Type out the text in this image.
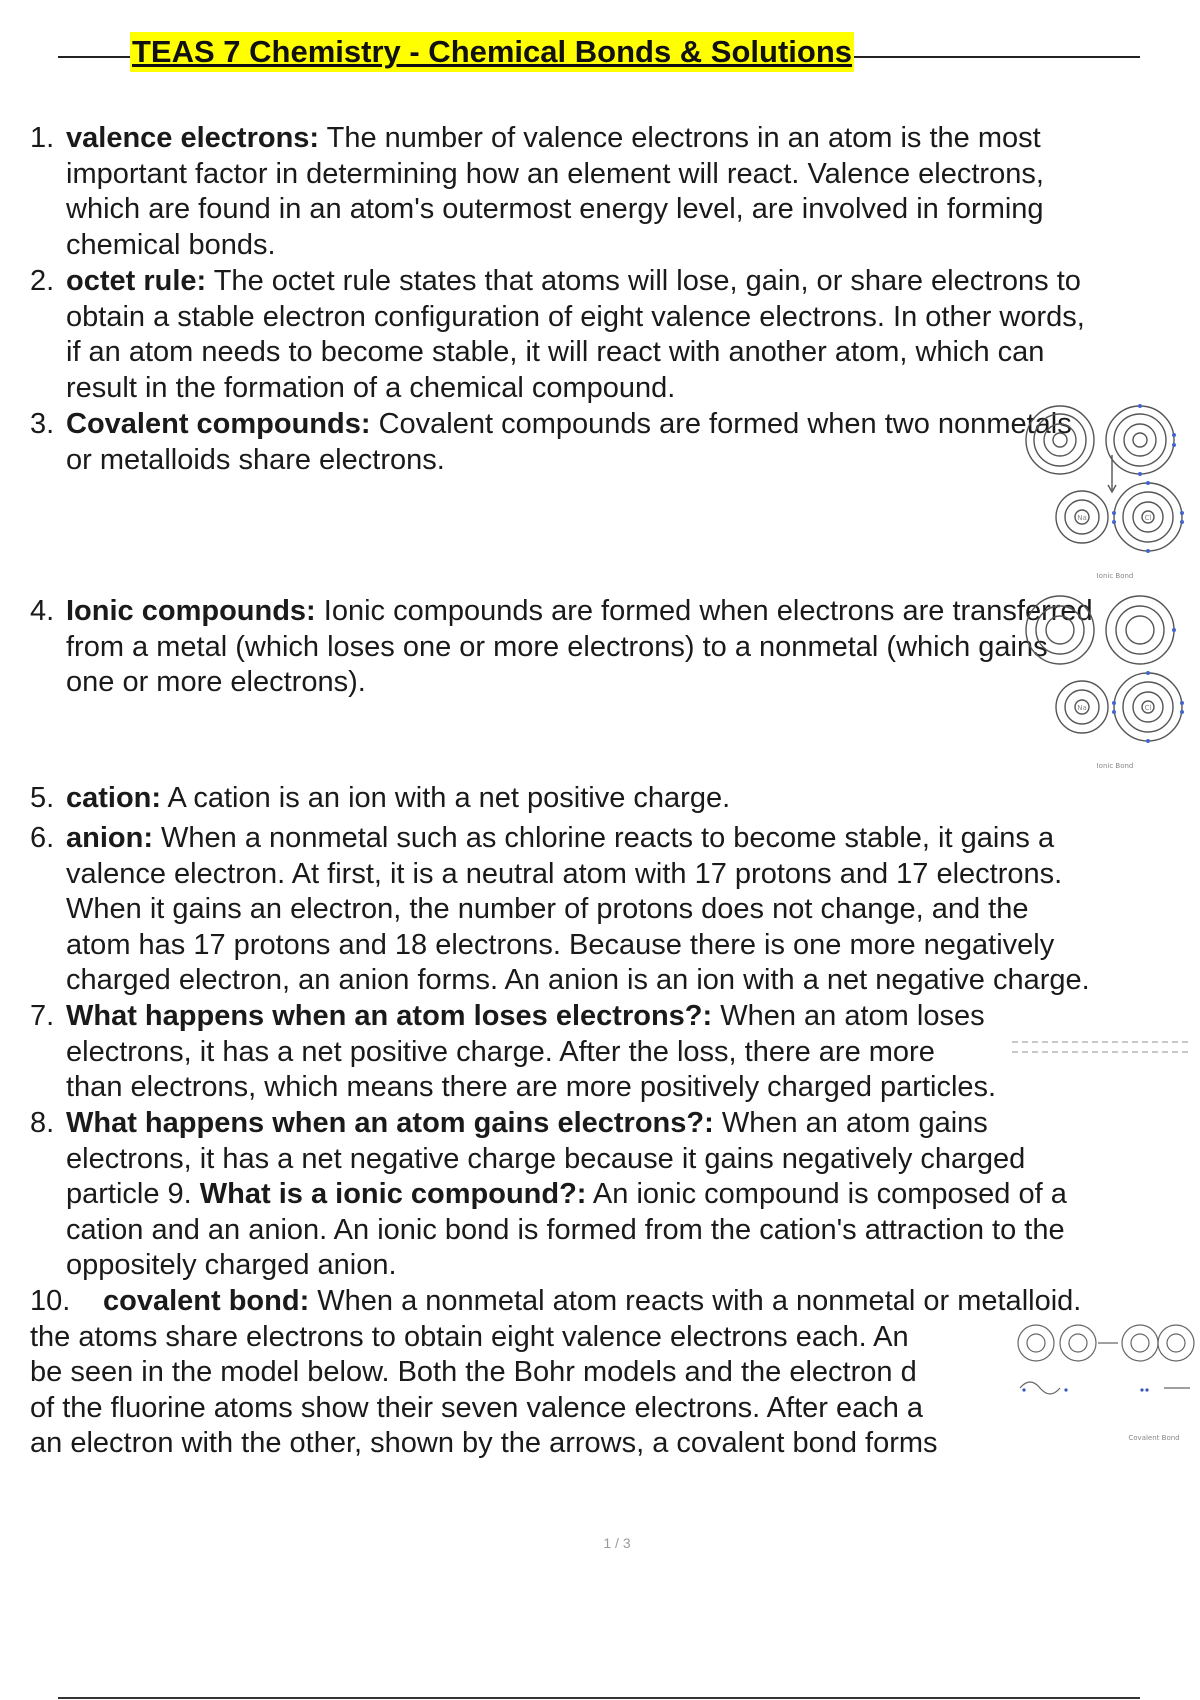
TEAS 7 Chemistry - Chemical Bonds & Solutions
1. valence electrons: The number of valence electrons in an atom is the most
important factor in determining how an element will react. Valence electrons,
which are found in an atom's outermost energy level, are involved in forming
chemical bonds.
2. octet rule: The octet rule states that atoms will lose, gain, or share electrons to
obtain a stable electron configuration of eight valence electrons. In other words,
if an atom needs to become stable, it will react with another atom, which can
result in the formation of a chemical compound.
3. Covalent compounds: Covalent compounds are formed when two nonmetals
or metalloids share electrons.
4. Ionic compounds: Ionic compounds are formed when electrons are transferred
from a metal (which loses one or more electrons) to a nonmetal (which gains
one or more electrons).
5. cation: A cation is an ion with a net positive charge.
6. anion: When a nonmetal such as chlorine reacts to become stable, it gains a
valence electron. At first, it is a neutral atom with 17 protons and 17 electrons.
When it gains an electron, the number of protons does not change, and the
atom has 17 protons and 18 electrons. Because there is one more negatively
charged electron, an anion forms. An anion is an ion with a net negative charge.
7. What happens when an atom loses electrons?: When an atom loses
electrons, it has a net positive charge. After the loss, there are more
than electrons, which means there are more positively charged particles.
8. What happens when an atom gains electrons?: When an atom gains
electrons, it has a net negative charge because it gains negatively charged
particle 9. What is a ionic compound?: An ionic compound is composed of a
cation and an anion. An ionic bond is formed from the cation's attraction to the
oppositely charged anion.
10. covalent bond: When a nonmetal atom reacts with a nonmetal or metalloid.
the atoms share electrons to obtain eight valence electrons each. An
be seen in the model below. Both the Bohr models and the electron d
of the fluorine atoms show their seven valence electrons. After each a
an electron with the other, shown by the arrows, a covalent bond forms
Na	Cl
Ionic Bond
Na	Cl
Ionic Bond
Covalent Bond
1 / 3
